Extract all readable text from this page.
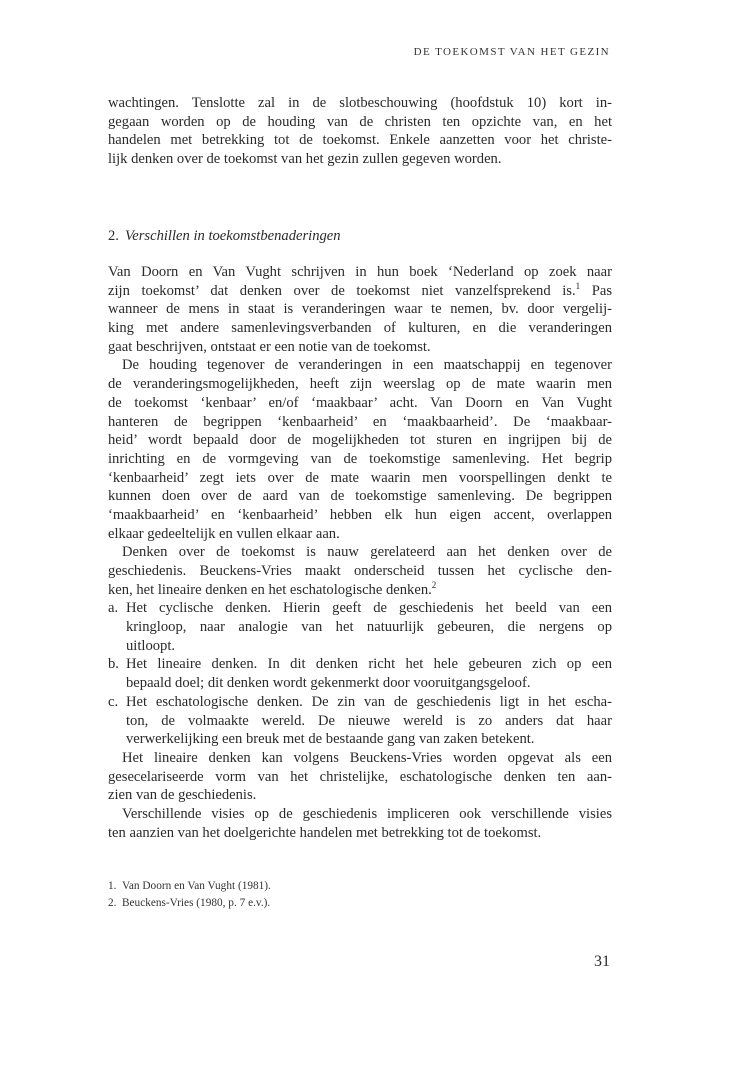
DE TOEKOMST VAN HET GEZIN
wachtingen. Tenslotte zal in de slotbeschouwing (hoofdstuk 10) kort in-
gegaan worden op de houding van de christen ten opzichte van, en het
handelen met betrekking tot de toekomst. Enkele aanzetten voor het christe-
lijk denken over de toekomst van het gezin zullen gegeven worden.
2. Verschillen in toekomstbenaderingen
Van Doorn en Van Vught schrijven in hun boek ‘Nederland op zoek naar
zijn toekomst’ dat denken over de toekomst niet vanzelfsprekend is.$^1$ Pas
wanneer de mens in staat is veranderingen waar te nemen, bv. door vergelij-
king met andere samenlevingsverbanden of kulturen, en die veranderingen
gaat beschrijven, ontstaat er een notie van de toekomst.
De houding tegenover de veranderingen in een maatschappij en tegenover
de veranderingsmogelijkheden, heeft zijn weerslag op de mate waarin men
de toekomst ‘kenbaar’ en/of ‘maakbaar’ acht. Van Doorn en Van Vught
hanteren de begrippen ‘kenbaarheid’ en ‘maakbaarheid’. De ‘maakbaar-
heid’ wordt bepaald door de mogelijkheden tot sturen en ingrijpen bij de
inrichting en de vormgeving van de toekomstige samenleving. Het begrip
‘kenbaarheid’ zegt iets over de mate waarin men voorspellingen denkt te
kunnen doen over de aard van de toekomstige samenleving. De begrippen
‘maakbaarheid’ en ‘kenbaarheid’ hebben elk hun eigen accent, overlappen
elkaar gedeeltelijk en vullen elkaar aan.
Denken over de toekomst is nauw gerelateerd aan het denken over de
geschiedenis. Beuckens-Vries maakt onderscheid tussen het cyclische den-
ken, het lineaire denken en het eschatologische denken.$^2$
a. Het cyclische denken. Hierin geeft de geschiedenis het beeld van een
kringloop, naar analogie van het natuurlijk gebeuren, die nergens op
uitloopt.
b. Het lineaire denken. In dit denken richt het hele gebeuren zich op een
bepaald doel; dit denken wordt gekenmerkt door vooruitgangsgeloof.
c. Het eschatologische denken. De zin van de geschiedenis ligt in het escha-
ton, de volmaakte wereld. De nieuwe wereld is zo anders dat haar
verwerkelijking een breuk met de bestaande gang van zaken betekent.
Het lineaire denken kan volgens Beuckens-Vries worden opgevat als een
gesecelariseerde vorm van het christelijke, eschatologische denken ten aan-
zien van de geschiedenis.
Verschillende visies op de geschiedenis impliceren ook verschillende visies
ten aanzien van het doelgerichte handelen met betrekking tot de toekomst.
1. Van Doorn en Van Vught (1981).
2. Beuckens-Vries (1980, p. 7 e.v.).
31
